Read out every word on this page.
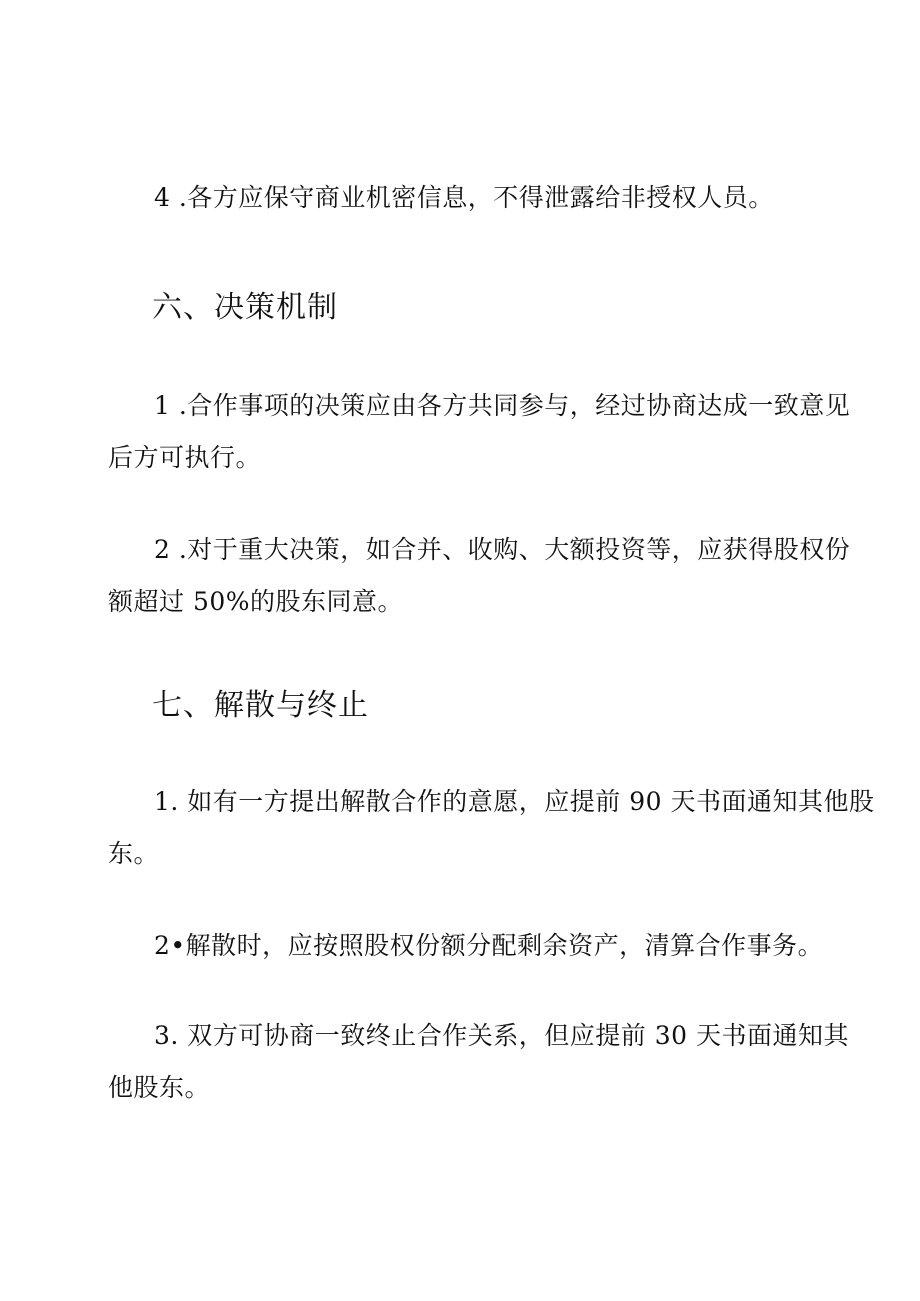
4 .各方应保守商业机密信息，不得泄露给非授权人员。

六、决策机制

1 .合作事项的决策应由各方共同参与，经过协商达成一致意见
后方可执行。

2 .对于重大决策，如合并、收购、大额投资等，应获得股权份
额超过 50%的股东同意。

七、解散与终止

1. 如有一方提出解散合作的意愿，应提前 90 天书面通知其他股
东。

2•解散时，应按照股权份额分配剩余资产，清算合作事务。

3. 双方可协商一致终止合作关系，但应提前 30 天书面通知其
他股东。
